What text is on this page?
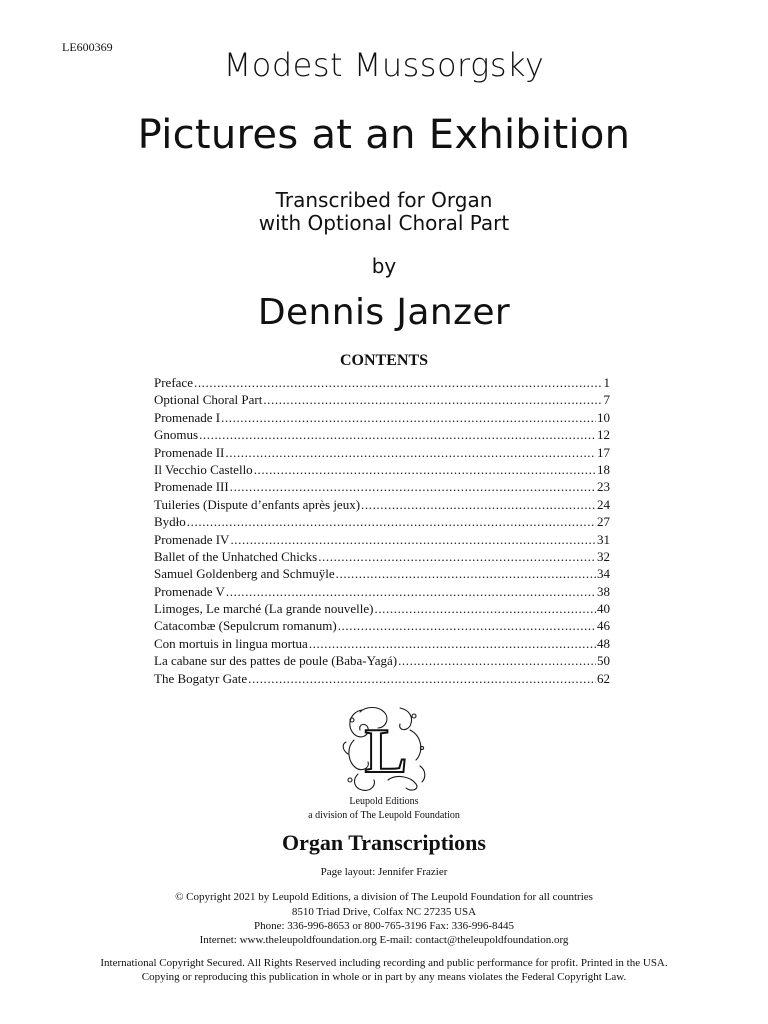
LE600369	Modest Mussorgsky
Pictures at an Exhibition
Transcribed for Organ
with Optional Choral Part
by
Dennis Janzer
CONTENTS
Preface .....	1
Optional Choral Part .....	7
Promenade I .....	10
Gnomus .....	12
Promenade II .....	17
Il Vecchio Castello .....	18
Promenade III .....	23
Tuileries (Dispute d’enfants après jeux) .....	24
Bydło .....	27
Promenade IV .....	31
Ballet of the Unhatched Chicks .....	32
Samuel Goldenberg and Schmuÿle .....	34
Promenade V .....	38
Limoges, Le marché (La grande nouvelle) .....	40
Catacombæ (Sepulcrum romanum) .....	46
Con mortuis in lingua mortua .....	48
La cabane sur des pattes de poule (Baba-Yagá) .....	50
The Bogatyr Gate .....	62
L
Leupold Editions
a division of The Leupold Foundation
Organ Transcriptions
Page layout: Jennifer Frazier
© Copyright 2021 by Leupold Editions, a division of The Leupold Foundation for all countries
8510 Triad Drive, Colfax NC 27235 USA
Phone: 336-996-8653 or 800-765-3196 Fax: 336-996-8445
Internet: www.theleupoldfoundation.org E-mail: contact@theleupoldfoundation.org
International Copyright Secured. All Rights Reserved including recording and public performance for profit. Printed in the USA.
Copying or reproducing this publication in whole or in part by any means violates the Federal Copyright Law.
